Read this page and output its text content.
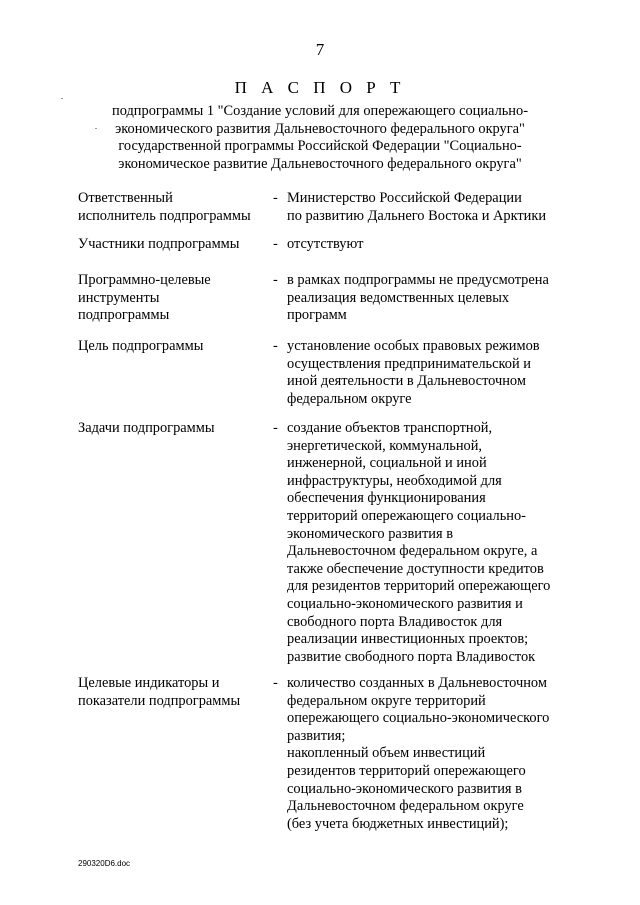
7
П А С П О Р Т
подпрограммы 1 "Создание условий для опережающего социально-
экономического развития Дальневосточного федерального округа"
государственной программы Российской Федерации "Социально-
экономическое развитие Дальневосточного федерального округа"
Ответственный
исполнитель подпрограммы
- Министерство Российской Федерации
по развитию Дальнего Востока и Арктики
Участники подпрограммы	- отсутствуют
Программно-целевые
инструменты
подпрограммы
- в рамках подпрограммы не предусмотрена
реализация ведомственных целевых
программ
Цель подпрограммы	- установление особых правовых режимов
осуществления предпринимательской и
иной деятельности в Дальневосточном
федеральном округе
Задачи подпрограммы	- создание объектов транспортной,
энергетической, коммунальной,
инженерной, социальной и иной
инфраструктуры, необходимой для
обеспечения функционирования
территорий опережающего социально-
экономического развития в
Дальневосточном федеральном округе, а
также обеспечение доступности кредитов
для резидентов территорий опережающего
социально-экономического развития и
свободного порта Владивосток для
реализации инвестиционных проектов;
развитие свободного порта Владивосток
Целевые индикаторы и
показатели подпрограммы
- количество созданных в Дальневосточном
федеральном округе территорий
опережающего социально-экономического
развития;
накопленный объем инвестиций
резидентов территорий опережающего
социально-экономического развития в
Дальневосточном федеральном округе
(без учета бюджетных инвестиций);
290320D6.doc
